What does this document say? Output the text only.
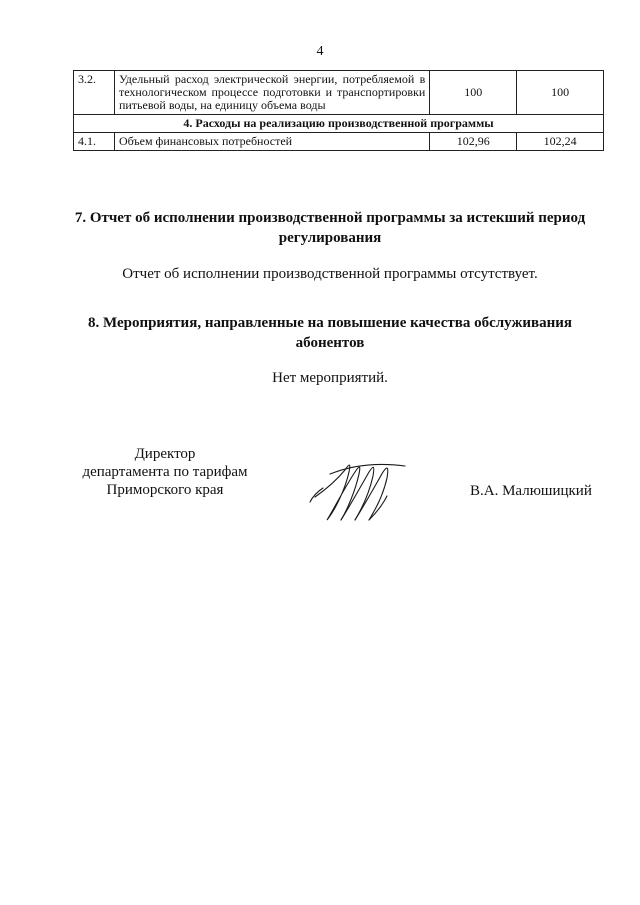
4
3.2.	Удельный расход электрической энергии, потребляемой в технологическом процессе подготовки и транспортировки питьевой воды, на единицу объема воды	100	100
4. Расходы на реализацию производственной программы			
4.1.	Объем финансовых потребностей	102,96	102,24
7. Отчет об исполнении производственной программы за истекший период регулирования
Отчет об исполнении производственной программы отсутствует.
8. Мероприятия, направленные на повышение качества обслуживания абонентов
Нет мероприятий.
Директор
департамента по тарифам
Приморского края	В.А. Малюшицкий
